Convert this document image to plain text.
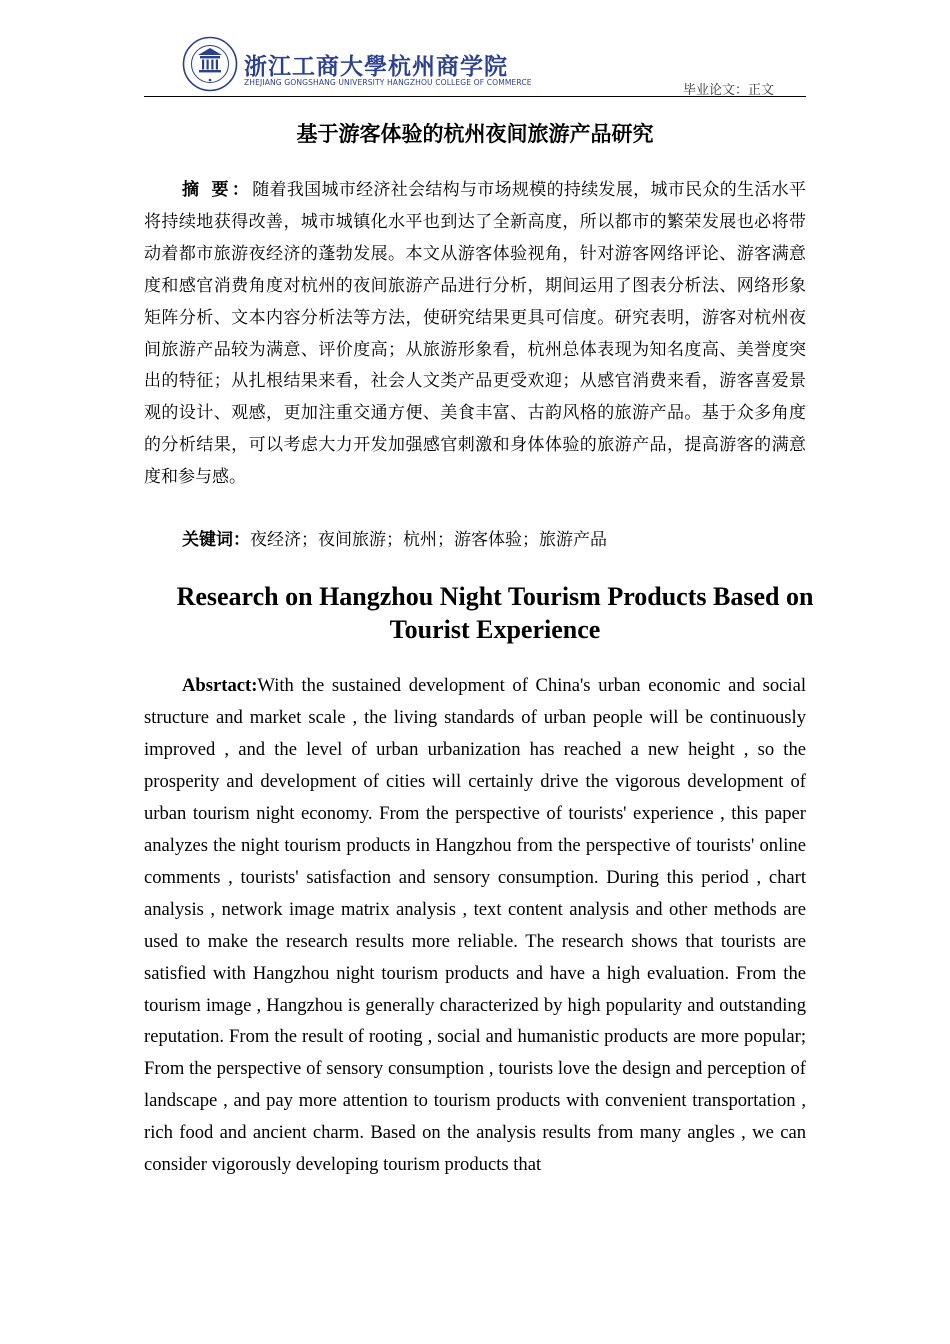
浙江工商大學杭州商学院
ZHEJIANG GONGSHANG UNIVERSITY HANGZHOU COLLEGE OF COMMERCE
毕业论文：正文
基于游客体验的杭州夜间旅游产品研究

摘 要：随着我国城市经济社会结构与市场规模的持续发展，城市民众的生活水平将持续地获得改善，城市城镇化水平也到达了全新高度，所以都市的繁荣发展也必将带动着都市旅游夜经济的蓬勃发展。本文从游客体验视角，针对游客网络评论、游客满意度和感官消费角度对杭州的夜间旅游产品进行分析，期间运用了图表分析法、网络形象矩阵分析、文本内容分析法等方法，使研究结果更具可信度。研究表明，游客对杭州夜间旅游产品较为满意、评价度高；从旅游形象看，杭州总体表现为知名度高、美誉度突出的特征；从扎根结果来看，社会人文类产品更受欢迎；从感官消费来看，游客喜爱景观的设计、观感，更加注重交通方便、美食丰富、古韵风格的旅游产品。基于众多角度的分析结果，可以考虑大力开发加强感官刺激和身体体验的旅游产品，提高游客的满意度和参与感。

关键词：夜经济；夜间旅游；杭州；游客体验；旅游产品

Research on Hangzhou Night Tourism Products Based on Tourist Experience

Absrtact:With the sustained development of China's urban economic and social structure and market scale , the living standards of urban people will be continuously improved , and the level of urban urbanization has reached a new height , so the prosperity and development of cities will certainly drive the vigorous development of urban tourism night economy. From the perspective of tourists' experience , this paper analyzes the night tourism products in Hangzhou from the perspective of tourists' online comments , tourists' satisfaction and sensory consumption. During this period , chart analysis , network image matrix analysis , text content analysis and other methods are used to make the research results more reliable. The research shows that tourists are satisfied with Hangzhou night tourism products and have a high evaluation. From the tourism image , Hangzhou is generally characterized by high popularity and outstanding reputation. From the result of rooting , social and humanistic products are more popular; From the perspective of sensory consumption , tourists love the design and perception of landscape , and pay more attention to tourism products with convenient transportation , rich food and ancient charm. Based on the analysis results from many angles , we can consider vigorously developing tourism products that
